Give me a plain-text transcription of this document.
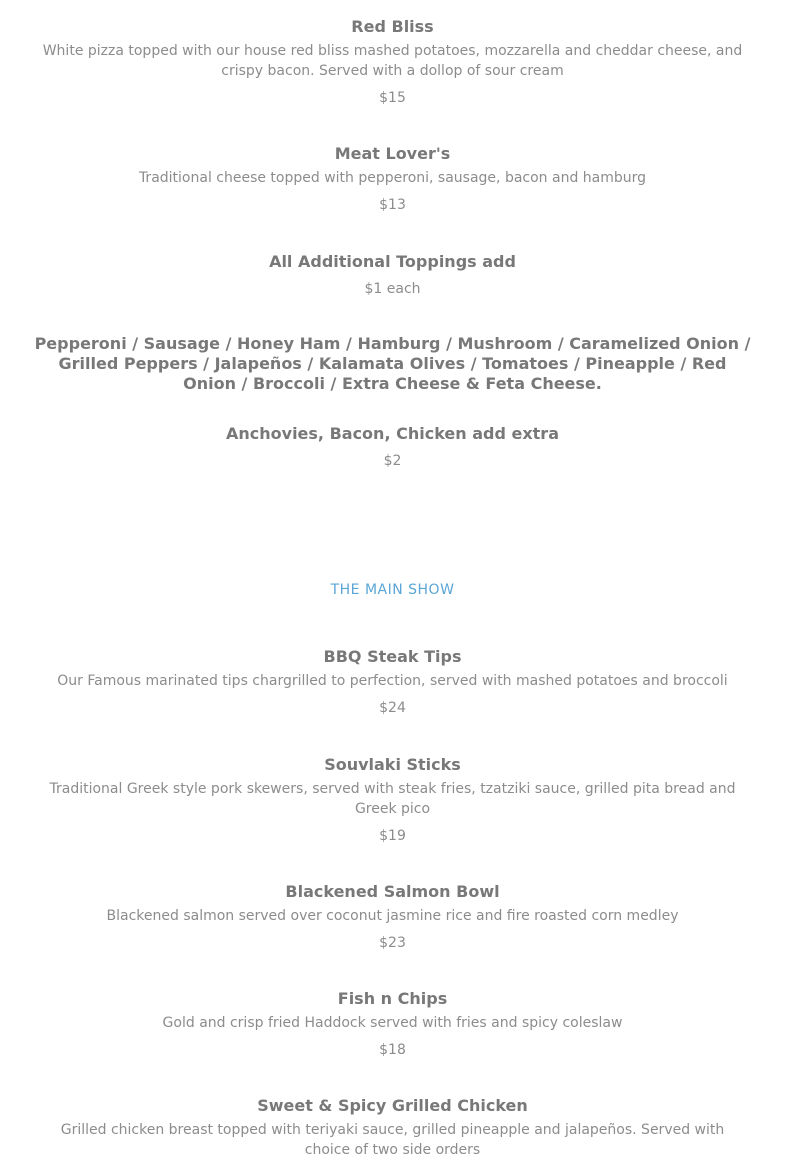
Red Bliss

White pizza topped with our house red bliss mashed potatoes, mozzarella and cheddar cheese, and crispy bacon. Served with a dollop of sour cream

$15

Meat Lover's

Traditional cheese topped with pepperoni, sausage, bacon and hamburg

$13

All Additional Toppings add

$1 each

Pepperoni / Sausage / Honey Ham / Hamburg / Mushroom / Caramelized Onion / Grilled Peppers / Jalapeños / Kalamata Olives / Tomatoes / Pineapple / Red Onion / Broccoli / Extra Cheese & Feta Cheese.

Anchovies, Bacon, Chicken add extra

$2

THE MAIN SHOW

BBQ Steak Tips

Our Famous marinated tips chargrilled to perfection, served with mashed potatoes and broccoli

$24

Souvlaki Sticks

Traditional Greek style pork skewers, served with steak fries, tzatziki sauce, grilled pita bread and Greek pico

$19

Blackened Salmon Bowl

Blackened salmon served over coconut jasmine rice and fire roasted corn medley

$23

Fish n Chips

Gold and crisp fried Haddock served with fries and spicy coleslaw

$18

Sweet & Spicy Grilled Chicken

Grilled chicken breast topped with teriyaki sauce, grilled pineapple and jalapeños. Served with choice of two side orders
